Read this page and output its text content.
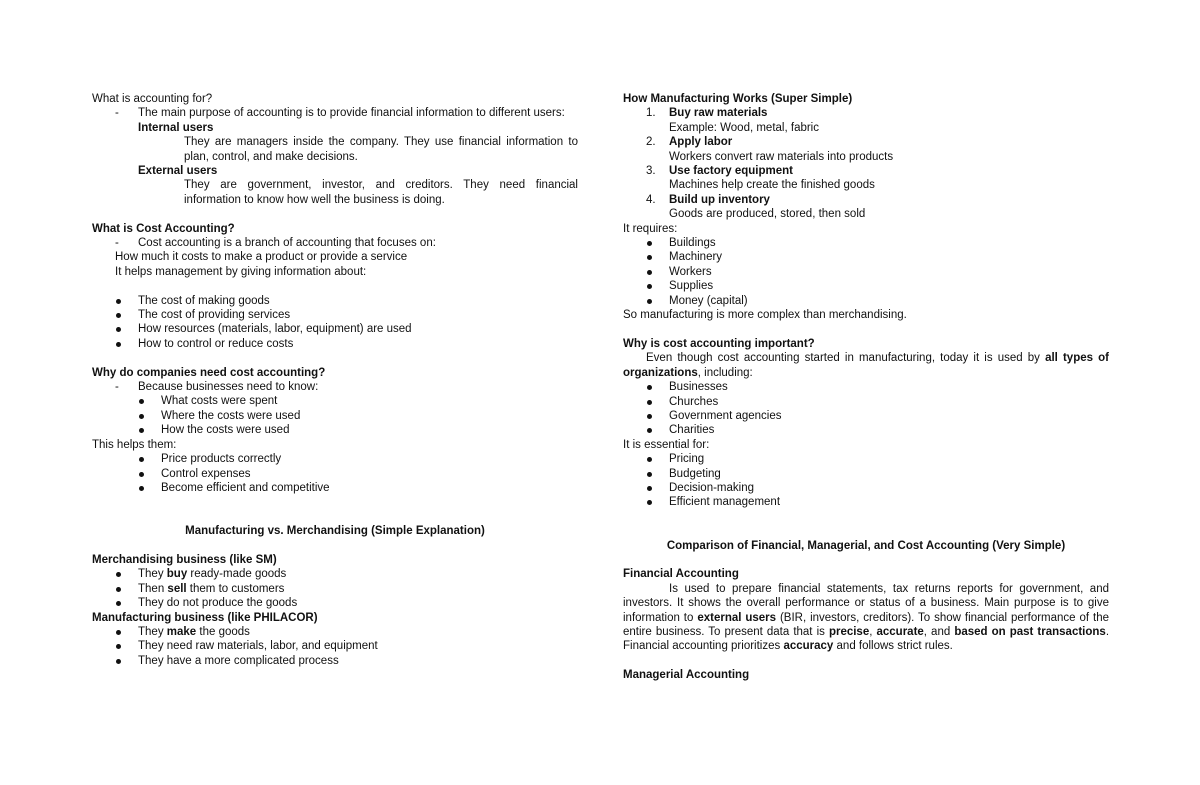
What is accounting for?
- The main purpose of accounting is to provide financial information to different users:
Internal users
They are managers inside the company. They use financial information to plan, control, and make decisions.
External users
They are government, investor, and creditors. They need financial information to know how well the business is doing.
What is Cost Accounting?
- Cost accounting is a branch of accounting that focuses on:
How much it costs to make a product or provide a service
It helps management by giving information about:
The cost of making goods
The cost of providing services
How resources (materials, labor, equipment) are used
How to control or reduce costs
Why do companies need cost accounting?
- Because businesses need to know:
What costs were spent
Where the costs were used
How the costs were used
This helps them:
Price products correctly
Control expenses
Become efficient and competitive
Manufacturing vs. Merchandising (Simple Explanation)
Merchandising business (like SM)
They buy ready-made goods
Then sell them to customers
They do not produce the goods
Manufacturing business (like PHILACOR)
They make the goods
They need raw materials, labor, and equipment
They have a more complicated process
How Manufacturing Works (Super Simple)
1. Buy raw materials
Example: Wood, metal, fabric
2. Apply labor
Workers convert raw materials into products
3. Use factory equipment
Machines help create the finished goods
4. Build up inventory
Goods are produced, stored, then sold
It requires:
Buildings
Machinery
Workers
Supplies
Money (capital)
So manufacturing is more complex than merchandising.
Why is cost accounting important?
Even though cost accounting started in manufacturing, today it is used by all types of organizations, including:
Businesses
Churches
Government agencies
Charities
It is essential for:
Pricing
Budgeting
Decision-making
Efficient management
Comparison of Financial, Managerial, and Cost Accounting (Very Simple)
Financial Accounting
Is used to prepare financial statements, tax returns reports for government, and investors. It shows the overall performance or status of a business. Main purpose is to give information to external users (BIR, investors, creditors). To show financial performance of the entire business. To present data that is precise, accurate, and based on past transactions. Financial accounting prioritizes accuracy and follows strict rules.
Managerial Accounting
